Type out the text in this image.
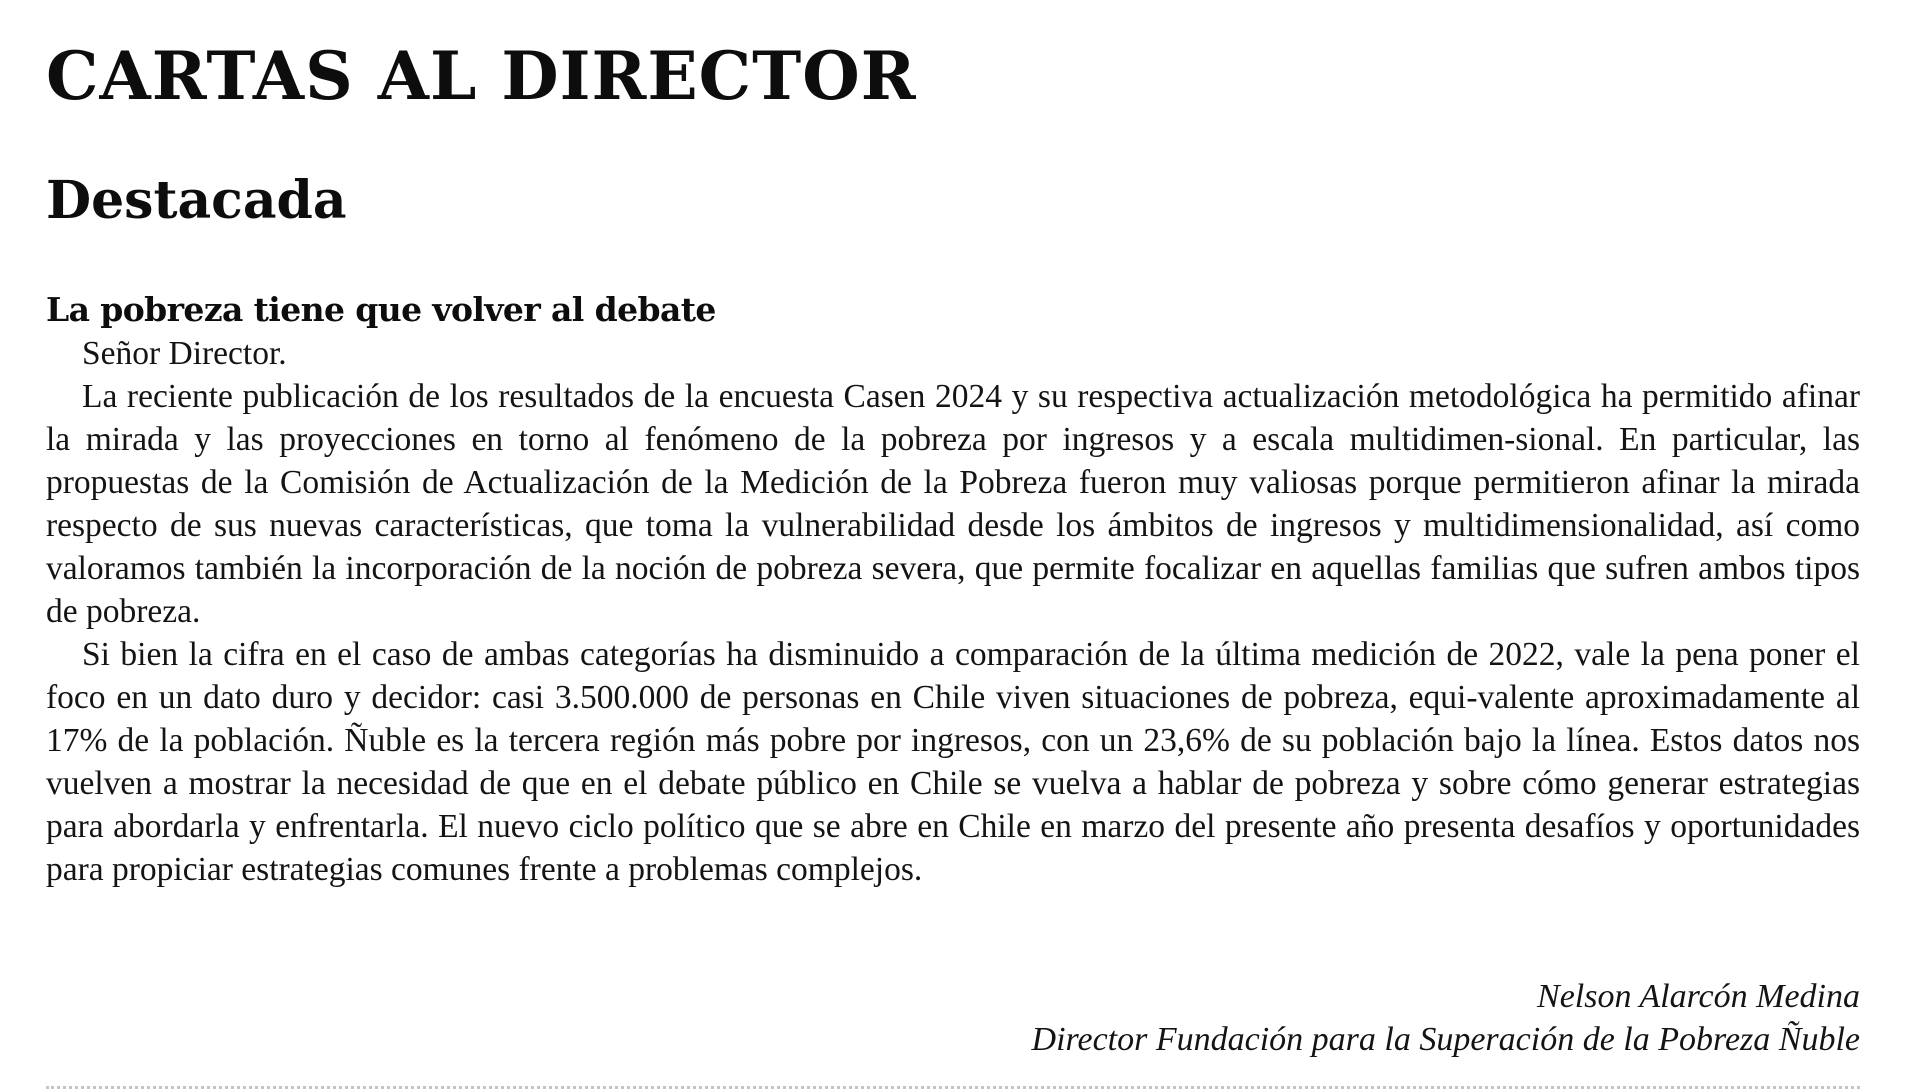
CARTAS AL DIRECTOR
Destacada
La pobreza tiene que volver al debate

Señor Director.

La reciente publicación de los resultados de la encuesta Casen 2024 y su respectiva actualización metodológica ha permitido afinar la mirada y las proyecciones en torno al fenómeno de la pobreza por ingresos y a escala multidimen-sional. En particular, las propuestas de la Comisión de Actualización de la Medición de la Pobreza fueron muy valiosas porque permitieron afinar la mirada respecto de sus nuevas características, que toma la vulnerabilidad desde los ámbitos de ingresos y multidimensionalidad, así como valoramos también la incorporación de la noción de pobreza severa, que permite focalizar en aquellas familias que sufren ambos tipos de pobreza.

Si bien la cifra en el caso de ambas categorías ha disminuido a comparación de la última medición de 2022, vale la pena poner el foco en un dato duro y decidor: casi 3.500.000 de personas en Chile viven situaciones de pobreza, equi-valente aproximadamente al 17% de la población. Ñuble es la tercera región más pobre por ingresos, con un 23,6% de su población bajo la línea. Estos datos nos vuelven a mostrar la necesidad de que en el debate público en Chile se vuelva a hablar de pobreza y sobre cómo generar estrategias para abordarla y enfrentarla. El nuevo ciclo político que se abre en Chile en marzo del presente año presenta desafíos y oportunidades para propiciar estrategias comunes frente a problemas complejos.

Nelson Alarcón Medina
Director Fundación para la Superación de la Pobreza Ñuble
